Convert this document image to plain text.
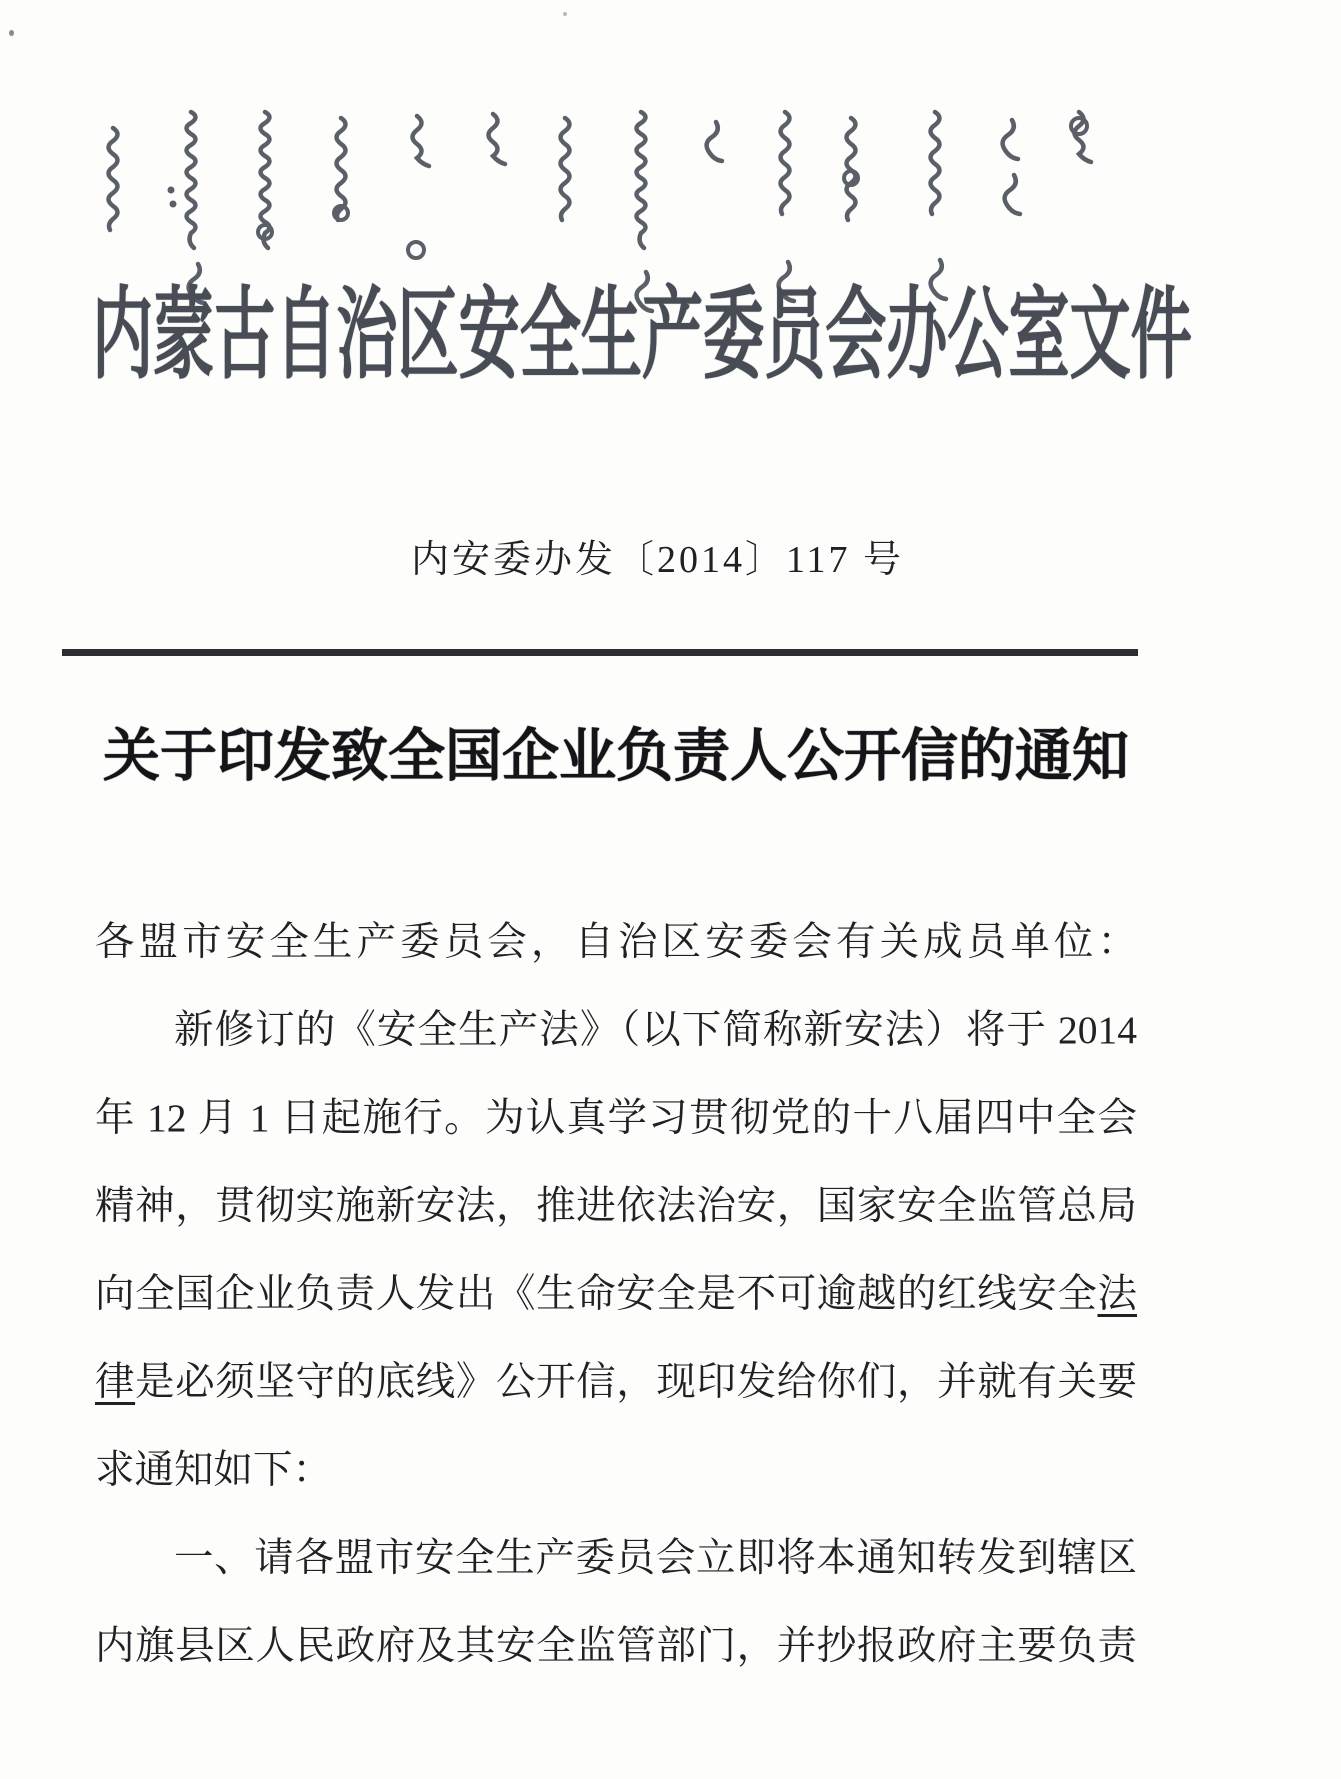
内蒙古自治区安全生产委员会办公室文件
内安委办发〔2014〕117 号
关于印发致全国企业负责人公开信的通知
各盟市安全生产委员会，自治区安委会有关成员单位：
新修订的《安全生产法》（以下简称新安法）将于 2014
年 12 月 1 日起施行。为认真学习贯彻党的十八届四中全会
精神，贯彻实施新安法，推进依法治安，国家安全监管总局
向全国企业负责人发出《生命安全是不可逾越的红线安全法
律是必须坚守的底线》公开信，现印发给你们，并就有关要
求通知如下：
一、请各盟市安全生产委员会立即将本通知转发到辖区
内旗县区人民政府及其安全监管部门，并抄报政府主要负责
